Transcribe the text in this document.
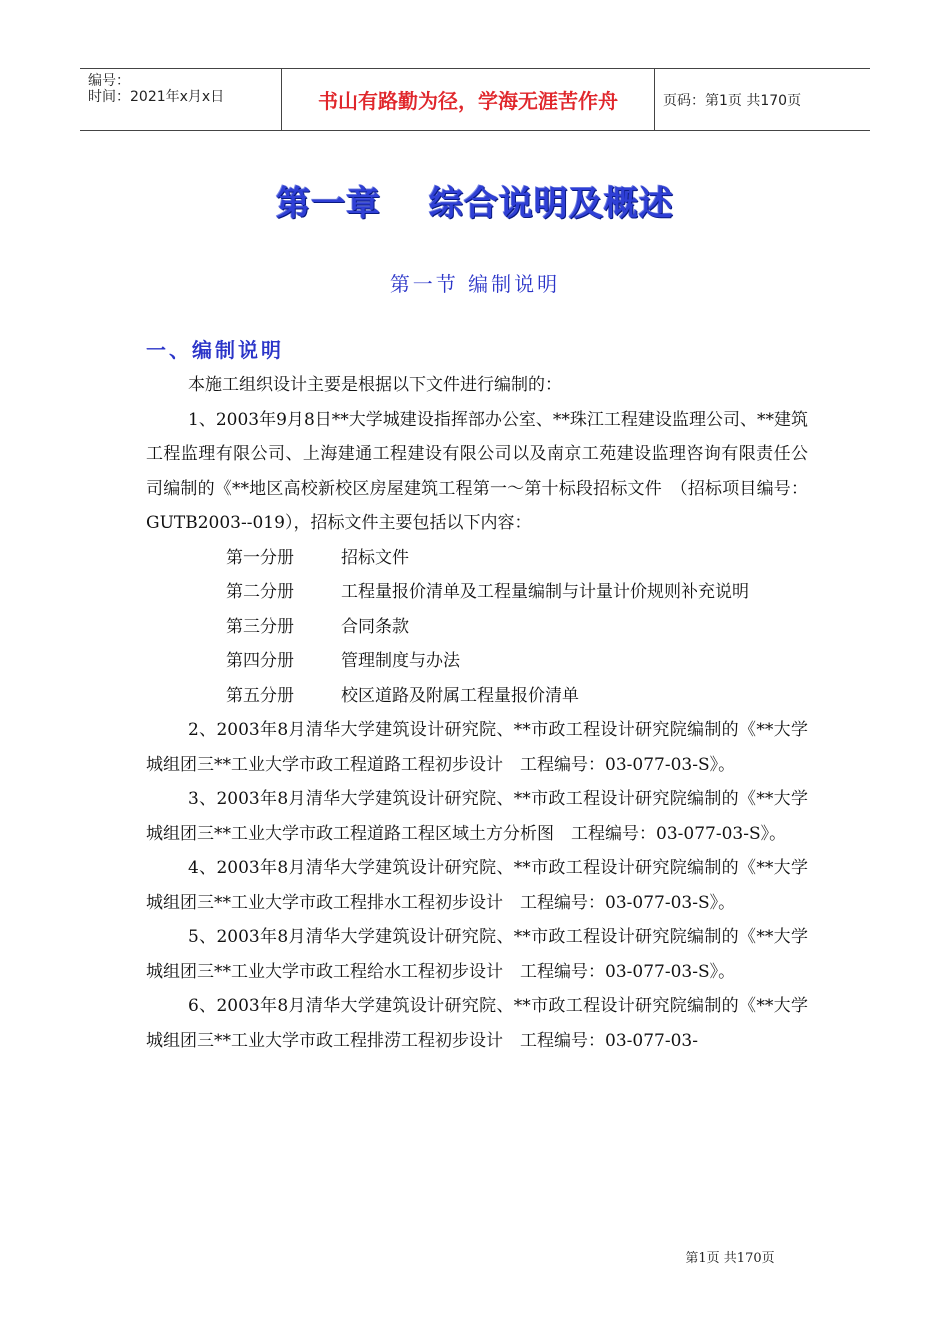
编号：
时间：2021年x月x日	书山有路勤为径，学海无涯苦作舟	页码：第1页 共170页
第一章　 综合说明及概述
第一节 编制说明
一、编制说明

本施工组织设计主要是根据以下文件进行编制的：

1、2003年9月8日**大学城建设指挥部办公室、**珠江工程建设监理公司、**建筑工程监理有限公司、上海建通工程建设有限公司以及南京工苑建设监理咨询有限责任公司编制的《**地区高校新校区房屋建筑工程第一～第十标段招标文件　（招标项目编号：GUTB2003--019），招标文件主要包括以下内容：

第一分册	招标文件
第二分册	工程量报价清单及工程量编制与计量计价规则补充说明
第三分册	合同条款
第四分册	管理制度与办法
第五分册	校区道路及附属工程量报价清单

2、2003年8月清华大学建筑设计研究院、**市政工程设计研究院编制的《**大学城组团三**工业大学市政工程道路工程初步设计　工程编号：03-077-03-S》。

3、2003年8月清华大学建筑设计研究院、**市政工程设计研究院编制的《**大学城组团三**工业大学市政工程道路工程区域土方分析图　工程编号：03-077-03-S》。

4、2003年8月清华大学建筑设计研究院、**市政工程设计研究院编制的《**大学城组团三**工业大学市政工程排水工程初步设计　工程编号：03-077-03-S》。

5、2003年8月清华大学建筑设计研究院、**市政工程设计研究院编制的《**大学城组团三**工业大学市政工程给水工程初步设计　工程编号：03-077-03-S》。

6、2003年8月清华大学建筑设计研究院、**市政工程设计研究院编制的《**大学城组团三**工业大学市政工程排涝工程初步设计　工程编号：03-077-03-

第1页 共170页
